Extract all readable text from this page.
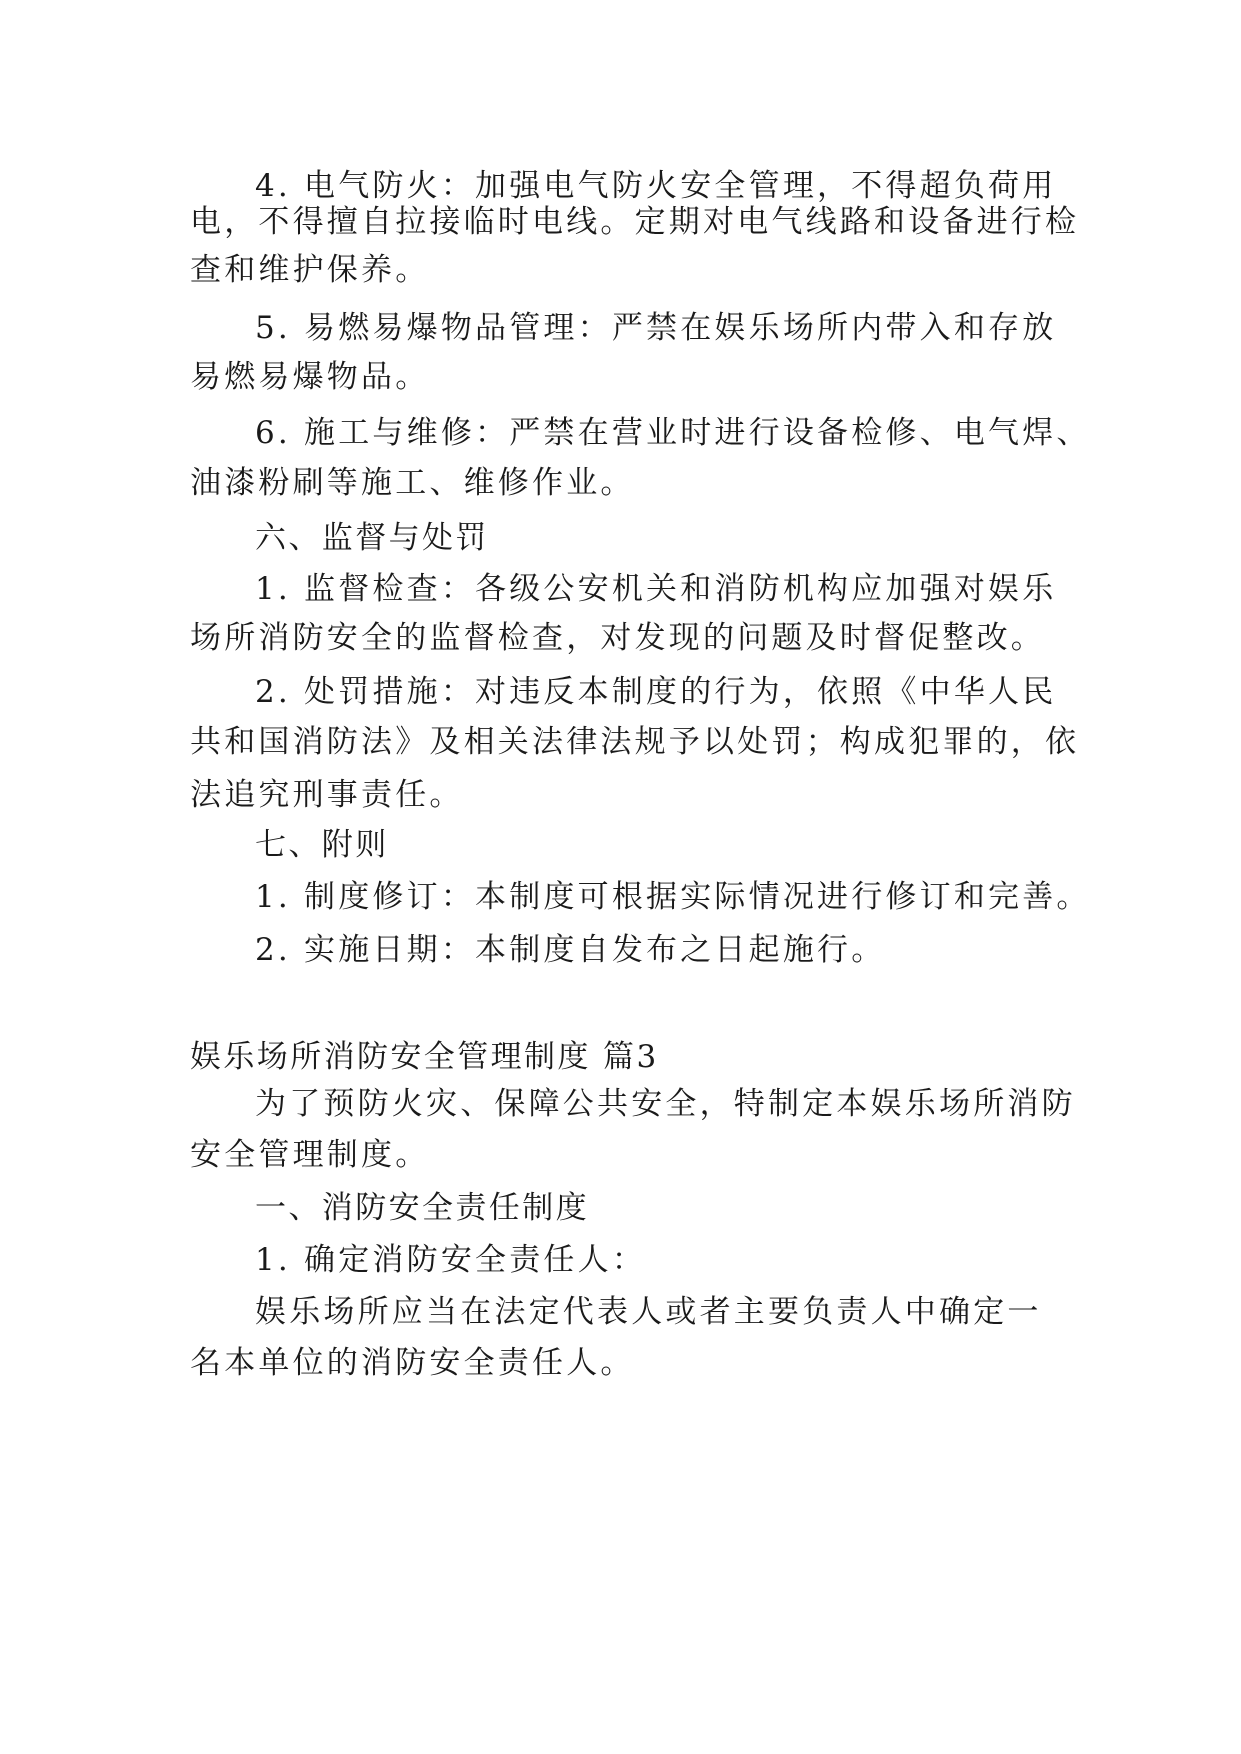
4. 电气防火：加强电气防火安全管理，不得超负荷用
电，不得擅自拉接临时电线。定期对电气线路和设备进行检
查和维护保养。
5. 易燃易爆物品管理：严禁在娱乐场所内带入和存放
易燃易爆物品。
6. 施工与维修：严禁在营业时进行设备检修、电气焊、
油漆粉刷等施工、维修作业。
六、监督与处罚
1. 监督检查：各级公安机关和消防机构应加强对娱乐
场所消防安全的监督检查，对发现的问题及时督促整改。
2. 处罚措施：对违反本制度的行为，依照《中华人民
共和国消防法》及相关法律法规予以处罚；构成犯罪的，依
法追究刑事责任。
七、附则
1. 制度修订：本制度可根据实际情况进行修订和完善。
2. 实施日期：本制度自发布之日起施行。
娱乐场所消防安全管理制度 篇3
为了预防火灾、保障公共安全，特制定本娱乐场所消防
安全管理制度。
一、消防安全责任制度
1. 确定消防安全责任人：
娱乐场所应当在法定代表人或者主要负责人中确定一
名本单位的消防安全责任人。
